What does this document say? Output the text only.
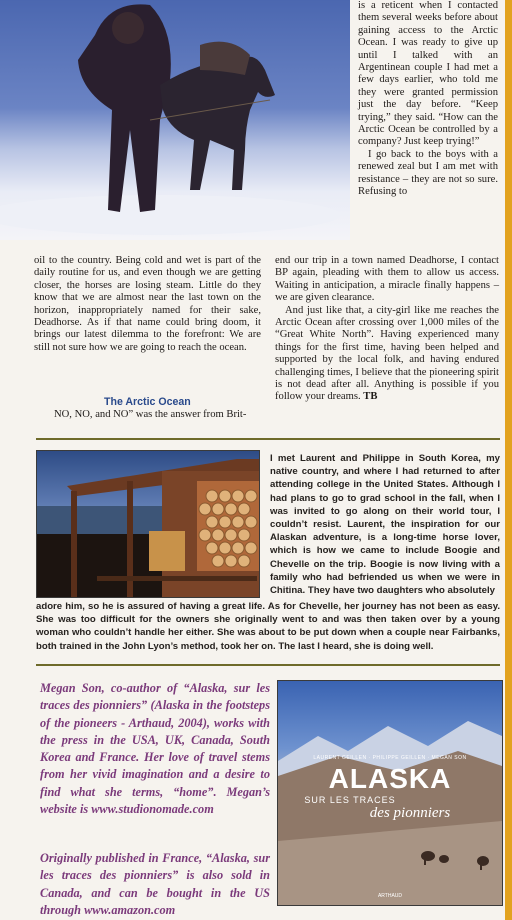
is a reticent when I contacted them several weeks before about gaining access to the Arctic Ocean. I was ready to give up until I talked with an Argentinean couple I had met a few days earlier, who told me they were granted permission just the day before. “Keep trying,” they said. “How can the Arctic Ocean be controlled by a company? Just keep trying!”

I go back to the boys with a renewed zeal but I am met with resistance – they are not so sure. Refusing to

oil to the country. Being cold and wet is part of the daily routine for us, and even though we are getting closer, the horses are losing steam. Little do they know that we are almost near the last town on the horizon, inappropriately named for their sake, Deadhorse. As if that name could bring doom, it brings our latest dilemma to the forefront: We are still not sure how we are going to reach the ocean.

The Arctic Ocean

NO, NO, and NO” was the answer from Brit-

end our trip in a town named Deadhorse, I contact BP again, pleading with them to allow us access. Waiting in anticipation, a miracle finally happens – we are given clearance.

And just like that, a city-girl like me reaches the Arctic Ocean after crossing over 1,000 miles of the “Great White North”. Having experienced many things for the first time, having been helped and supported by the local folk, and having endured challenging times, I believe that the pioneering spirit is not dead after all. Anything is possible if you follow your dreams. TB

I met Laurent and Philippe in South Korea, my native country, and where I had returned to after attending college in the United States. Although I had plans to go to grad school in the fall, when I was invited to go along on their world tour, I couldn’t resist. Laurent, the inspiration for our Alaskan adventure, is a long-time horse lover, which is how we came to include Boogie and Chevelle on the trip. Boogie is now living with a family who had befriended us when we were in Chitina. They have two daughters who absolutely

adore him, so he is assured of having a great life. As for Chevelle, her journey has not been as easy. She was too difficult for the owners she originally went to and was then taken over by a young woman who couldn’t handle her either. She was about to be put down when a couple near Fairbanks, both trained in the John Lyon’s method, took her on. The last I heard, she is doing well.

Megan Son, co-author of “Alaska, sur les traces des pionniers” (Alaska in the footsteps of the pioneers - Arthaud, 2004), works with the press in the USA, UK, Canada, South Korea and France. Her love of travel stems from her vivid imagination and a desire to find what she terms, “home”. Megan’s website is www.studionomade.com

Originally published in France, “Alaska, sur les traces des pionniers” is also sold in Canada, and can be bought in the US through www.amazon.com

LAURENT GEILLEN · PHILIPPE GEILLEN · MEGAN SON
ALASKA
SUR LES TRACES
des pionniers
ARTHAUD
